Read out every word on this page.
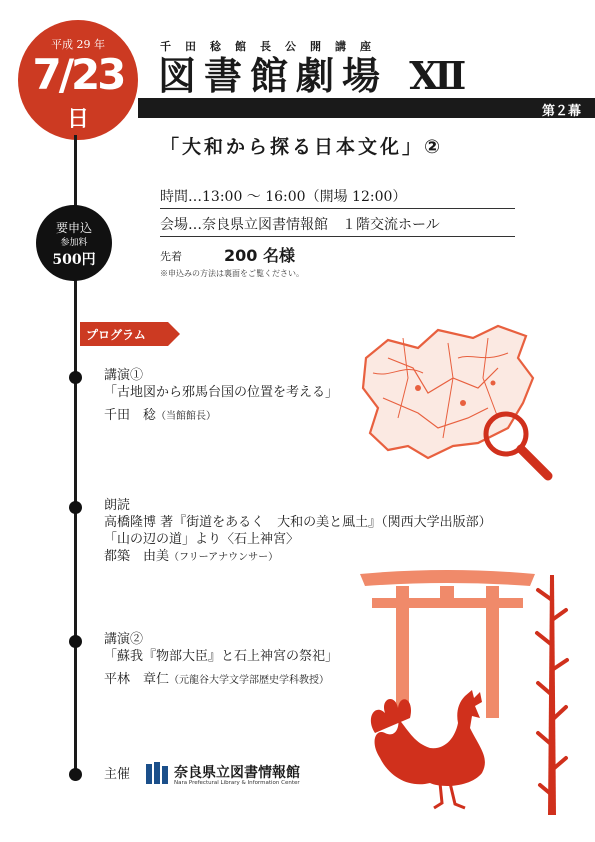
平成 29 年
7/23
日
要申込
参加料
500円
千田稔館長公開講座
図書館劇場 Ⅻ
第２幕
「大和から探る日本文化」②
時間…13:00 ～ 16:00（開場 12:00）
会場…奈良県立図書情報館　１階交流ホール
先着	200 名様
※申込みの方法は裏面をご覧ください。
プログラム
講演①
「古地図から邪馬台国の位置を考える」
千田　稔（当館館長）
朗読
高橋隆博 著『街道をあるく　大和の美と風土』（関西大学出版部）
「山の辺の道」より〈石上神宮〉
都築　由美（フリーアナウンサー）
講演②
「蘇我『物部大臣』と石上神宮の祭祀」
平林　章仁（元龍谷大学文学部歴史学科教授）
主催	奈良県立図書情報館
Nara Prefectural Library & Information Center
